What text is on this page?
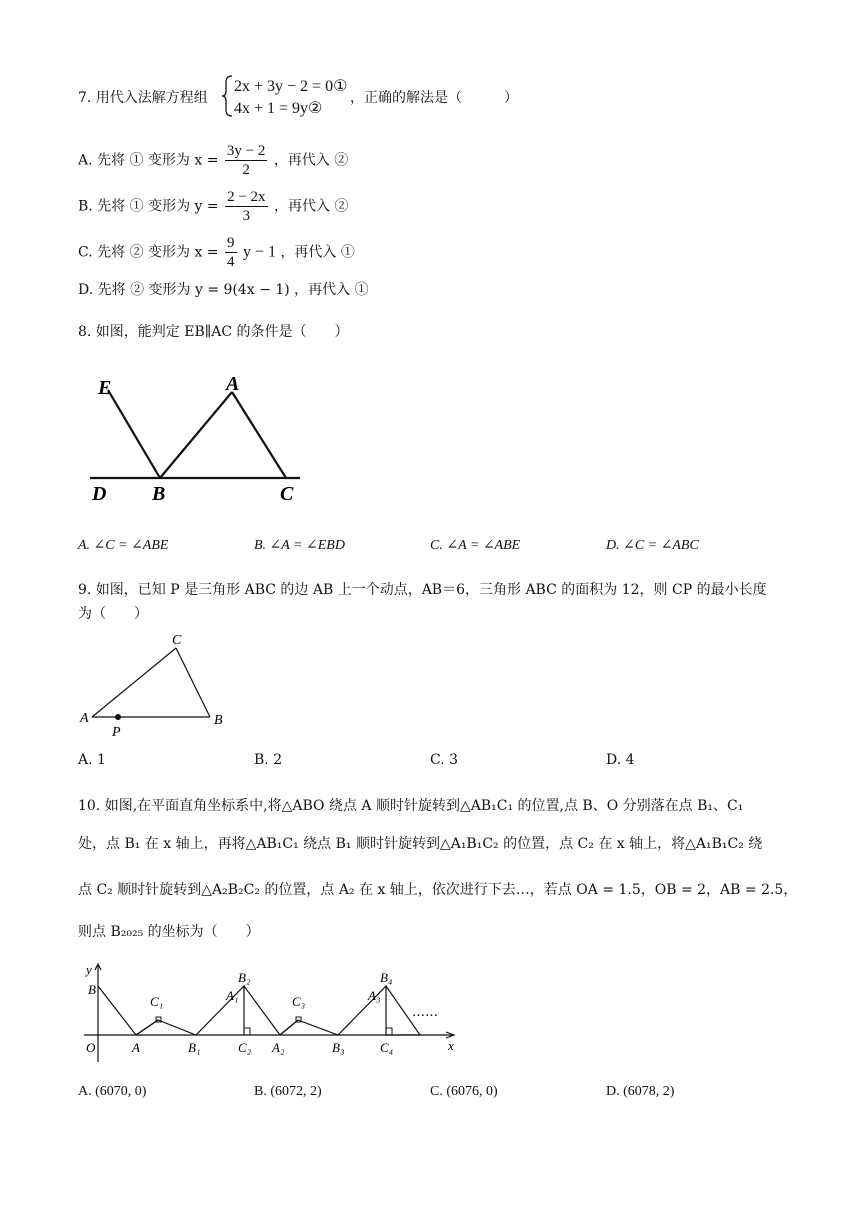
7. 用代入法解方程组
2x + 3y − 2 = 0①
4x + 1 = 9y②
，正确的解法是（　　　）
A. 先将 ① 变形为 $x = \frac{3y - 2}{2}$ ，再代入 ②
B. 先将 ① 变形为 $y = \frac{2 - 2x}{3}$ ，再代入 ②
C. 先将 ② 变形为 $x = \frac{9}{4}$ y − 1 ，再代入 ①
D. 先将 ② 变形为 y = 9(4x − 1) ，再代入 ①
8. 如图，能判定 EB∥AC 的条件是（　　）
E	A
D B	C
A. ∠C = ∠ABE	B. ∠A = ∠EBD	C. ∠A = ∠ABE	D. ∠C = ∠ABC
9. 如图，已知 P 是三角形 ABC 的边 AB 上一个动点，AB＝6，三角形 ABC 的面积为 12，则 CP 的最小长度
为（　　）
C
A	B
P
A. 1	B. 2	C. 3	D. 4
10. 如图,在平面直角坐标系中,将△ABO 绕点 A 顺时针旋转到△AB₁C₁ 的位置,点 B、O 分别落在点 B₁、C₁
处，点 B₁ 在 x 轴上，再将△AB₁C₁ 绕点 B₁ 顺时针旋转到△A₁B₁C₂ 的位置，点 C₂ 在 x 轴上，将△A₁B₁C₂ 绕
点 C₂ 顺时针旋转到△A₂B₂C₂ 的位置，点 A₂ 在 x 轴上，依次进行下去…，若点 OA = 1.5，OB = 2，AB = 2.5，
则点 B₂₀₂₅ 的坐标为（　　）
y
B
O	A	B₁
C₁	A₁
B₂
C₂ A₂
C₃
B₃
A₃
B₄
C₄
……
x
A. (6070, 0)	B. (6072, 2)	C. (6076, 0)	D. (6078, 2)
